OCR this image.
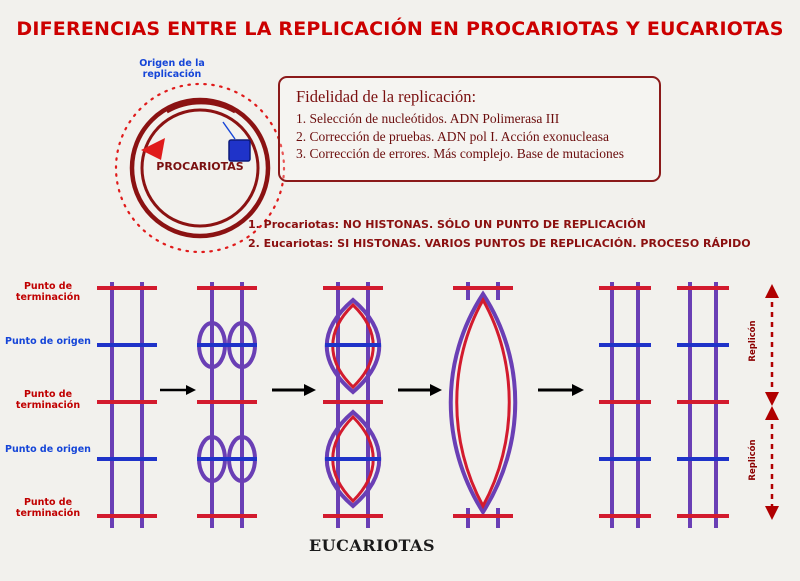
DIFERENCIAS ENTRE LA REPLICACIÓN EN PROCARIOTAS Y EUCARIOTAS
Origen de la replicación
PROCARIOTAS
Fidelidad de la replicación:
1. Selección de nucleótidos. ADN Polimerasa III
2. Corrección de pruebas. ADN pol I. Acción exonucleasa
3. Corrección de errores. Más complejo. Base de mutaciones
1. Procariotas: NO HISTONAS. SÓLO UN PUNTO DE REPLICACIÓN
2. Eucariotas: SI HISTONAS. VARIOS PUNTOS DE REPLICACIÓN. PROCESO RÁPIDO
Punto de terminación
Punto de origen
Punto de terminación
Punto de origen
Punto de terminación
Replicón
Replicón
EUCARIOTAS
